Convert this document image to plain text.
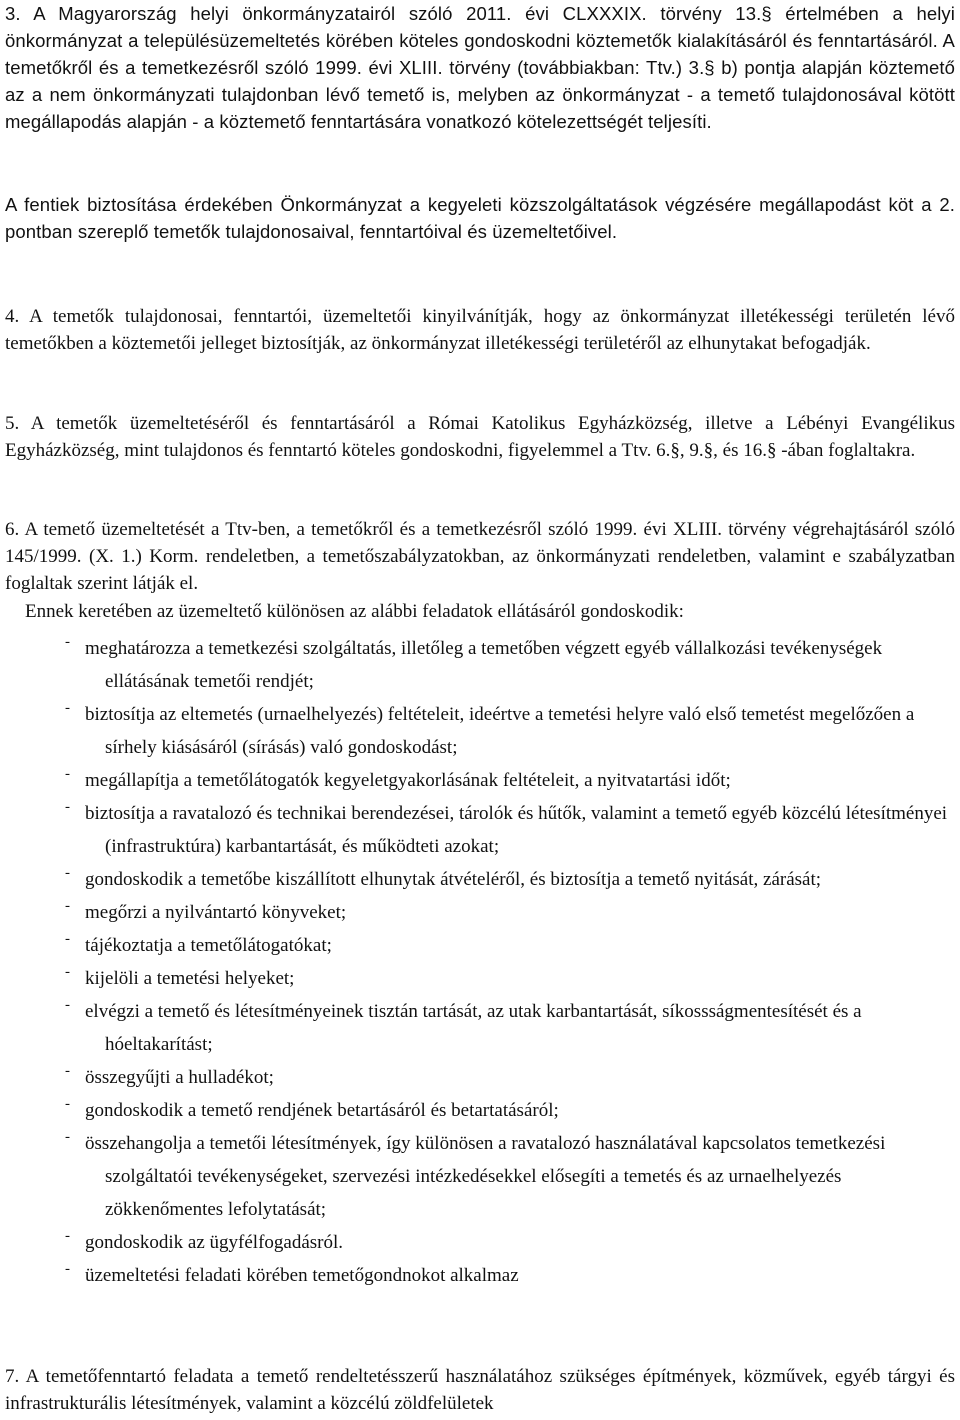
3. A Magyarország helyi önkormányzatairól szóló 2011. évi CLXXXIX. törvény 13.§ értelmében a helyi önkormányzat a településüzemeltetés körében köteles gondoskodni köztemetők kialakításáról és fenntartásáról. A temetőkről és a temetkezésről szóló 1999. évi XLIII. törvény (továbbiakban: Ttv.) 3.§ b) pontja alapján köztemető az a nem önkormányzati tulajdonban lévő temető is, melyben az önkormányzat - a temető tulajdonosával kötött megállapodás alapján - a köztemető fenntartására vonatkozó kötelezettségét teljesíti.

A fentiek biztosítása érdekében Önkormányzat a kegyeleti közszolgáltatások végzésére megállapodást köt a 2. pontban szereplő temetők tulajdonosaival, fenntartóival és üzemeltetőivel.

4. A temetők tulajdonosai, fenntartói, üzemeltetői kinyilvánítják, hogy az önkormányzat illetékességi területén lévő temetőkben a köztemetői jelleget biztosítják, az önkormányzat illetékességi területéről az elhunytakat befogadják.

5. A temetők üzemeltetéséről és fenntartásáról a Római Katolikus Egyházközség, illetve a Lébényi Evangélikus Egyházközség, mint tulajdonos és fenntartó köteles gondoskodni, figyelemmel a Ttv. 6.§, 9.§, és 16.§ -ában foglaltakra.

6. A temető üzemeltetését a Ttv-ben, a temetőkről és a temetkezésről szóló 1999. évi XLIII. törvény végrehajtásáról szóló 145/1999. (X. 1.) Korm. rendeletben, a temetőszabályzatokban, az önkormányzati rendeletben, valamint e szabályzatban foglaltak szerint látják el.

Ennek keretében az üzemeltető különösen az alábbi feladatok ellátásáról gondoskodik:

- meghatározza a temetkezési szolgáltatás, illetőleg a temetőben végzett egyéb vállalkozási tevékenységek ellátásának temetői rendjét;
- biztosítja az eltemetés (urnaelhelyezés) feltételeit, ideértve a temetési helyre való első temetést megelőzően a sírhely kiásásáról (sírásás) való gondoskodást;
- megállapítja a temetőlátogatók kegyeletgyakorlásának feltételeit, a nyitvatartási időt;
- biztosítja a ravatalozó és technikai berendezései, tárolók és hűtők, valamint a temető egyéb közcélú létesítményei (infrastruktúra) karbantartását, és működteti azokat;
- gondoskodik a temetőbe kiszállított elhunytak átvételéről, és biztosítja a temető nyitását, zárását;
- megőrzi a nyilvántartó könyveket;
- tájékoztatja a temetőlátogatókat;
- kijelöli a temetési helyeket;
- elvégzi a temető és létesítményeinek tisztán tartását, az utak karbantartását, síkossságmentesítését és a hóeltakarítást;
- összegyűjti a hulladékot;
- gondoskodik a temető rendjének betartásáról és betartatásáról;
- összehangolja a temetői létesítmények, így különösen a ravatalozó használatával kapcsolatos temetkezési szolgáltatói tevékenységeket, szervezési intézkedésekkel elősegíti a temetés és az urnaelhelyezés zökkenőmentes lefolytatását;
- gondoskodik az ügyfélfogadásról.
- üzemeltetési feladati körében temetőgondnokot alkalmaz

7. A temetőfenntartó feladata a temető rendeltetésszerű használatához szükséges építmények, közművek, egyéb tárgyi és infrastrukturális létesítmények, valamint a közcélú zöldfelületek
